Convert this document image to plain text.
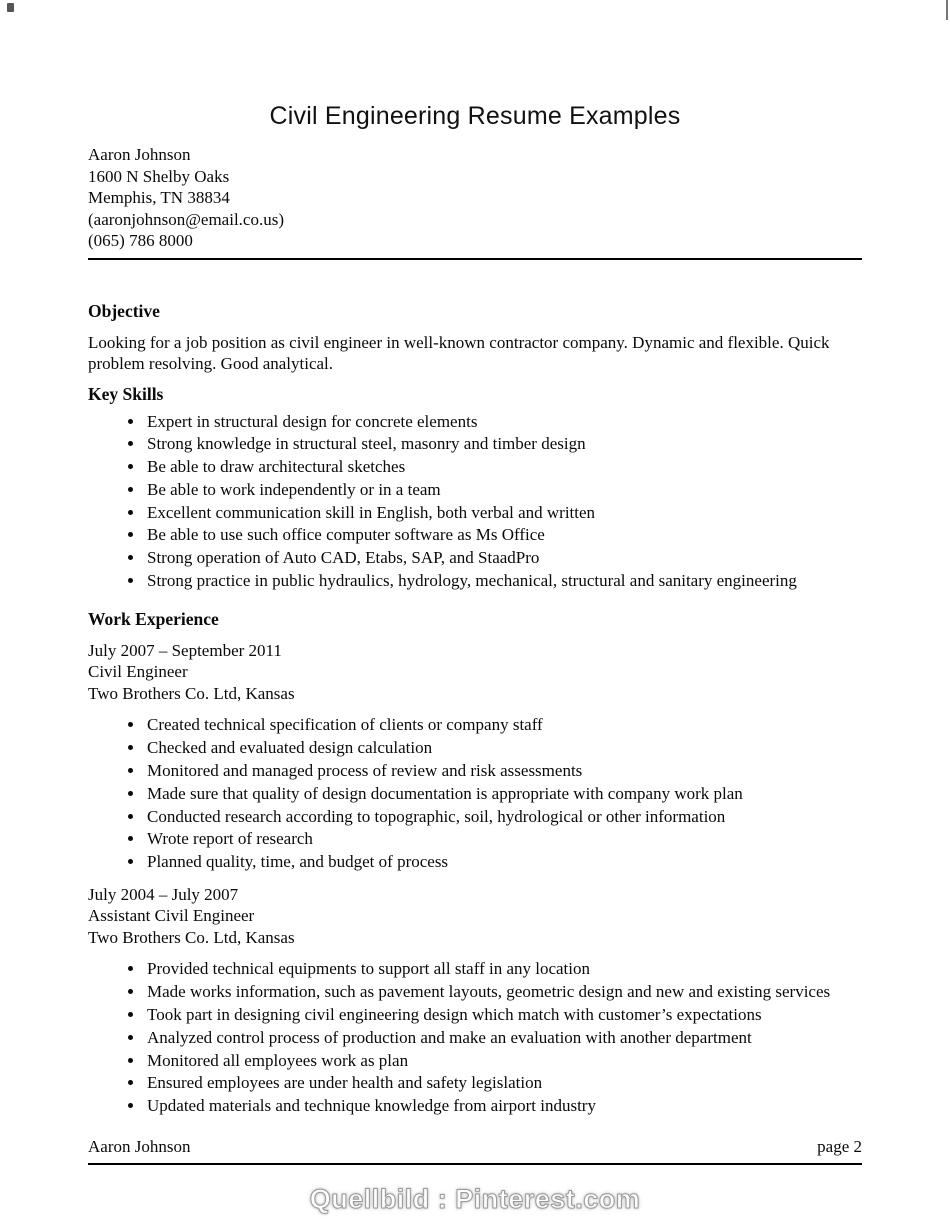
Civil Engineering Resume Examples
Aaron Johnson
1600 N Shelby Oaks
Memphis, TN 38834
(aaronjohnson@email.co.us)
(065) 786 8000
Objective

Looking for a job position as civil engineer in well-known contractor company. Dynamic and flexible. Quick problem resolving. Good analytical.

Key Skills
• Expert in structural design for concrete elements
• Strong knowledge in structural steel, masonry and timber design
• Be able to draw architectural sketches
• Be able to work independently or in a team
• Excellent communication skill in English, both verbal and written
• Be able to use such office computer software as Ms Office
• Strong operation of Auto CAD, Etabs, SAP, and StaadPro
• Strong practice in public hydraulics, hydrology, mechanical, structural and sanitary engineering
Work Experience
July 2007 – September 2011
Civil Engineer
Two Brothers Co. Ltd, Kansas
• Created technical specification of clients or company staff
• Checked and evaluated design calculation
• Monitored and managed process of review and risk assessments
• Made sure that quality of design documentation is appropriate with company work plan
• Conducted research according to topographic, soil, hydrological or other information
• Wrote report of research
• Planned quality, time, and budget of process
July 2004 – July 2007
Assistant Civil Engineer
Two Brothers Co. Ltd, Kansas
• Provided technical equipments to support all staff in any location
• Made works information, such as pavement layouts, geometric design and new and existing services
• Took part in designing civil engineering design which match with customer’s expectations
• Analyzed control process of production and make an evaluation with another department
• Monitored all employees work as plan
• Ensured employees are under health and safety legislation
• Updated materials and technique knowledge from airport industry
Aaron Johnson	page 2
Quellbild : Pinterest.com
